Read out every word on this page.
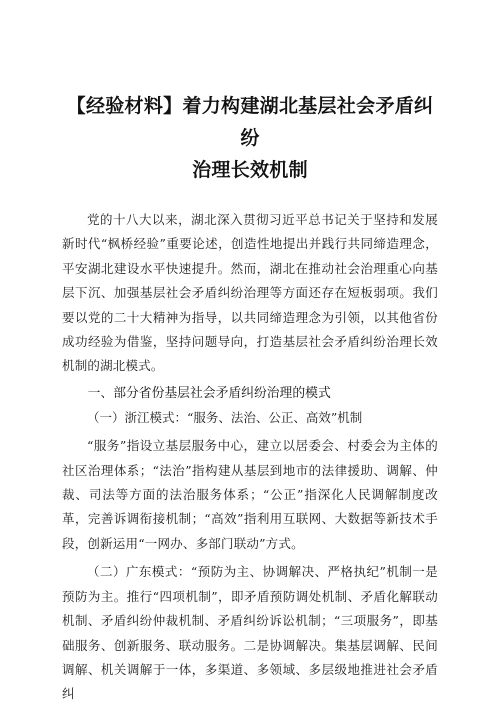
【经验材料】着力构建湖北基层社会矛盾纠纷
治理长效机制

党的十八大以来，湖北深入贯彻习近平总书记关于坚持和发展新时代“枫桥经验”重要论述，创造性地提出并践行共同缔造理念，平安湖北建设水平快速提升。然而，湖北在推动社会治理重心向基层下沉、加强基层社会矛盾纠纷治理等方面还存在短板弱项。我们要以党的二十大精神为指导，以共同缔造理念为引领，以其他省份成功经验为借鉴，坚持问题导向，打造基层社会矛盾纠纷治理长效机制的湖北模式。

一、部分省份基层社会矛盾纠纷治理的模式

（一）浙江模式：“服务、法治、公正、高效”机制

“服务”指设立基层服务中心，建立以居委会、村委会为主体的社区治理体系；“法治”指构建从基层到地市的法律援助、调解、仲裁、司法等方面的法治服务体系；“公正”指深化人民调解制度改革，完善诉调衔接机制；“高效”指利用互联网、大数据等新技术手段，创新运用“一网办、多部门联动”方式。

（二）广东模式：“预防为主、协调解决、严格执纪”机制一是预防为主。推行“四项机制”，即矛盾预防调处机制、矛盾化解联动机制、矛盾纠纷仲裁机制、矛盾纠纷诉讼机制；“三项服务”，即基础服务、创新服务、联动服务。二是协调解决。集基层调解、民间调解、机关调解于一体，多渠道、多领域、多层级地推进社会矛盾纠
